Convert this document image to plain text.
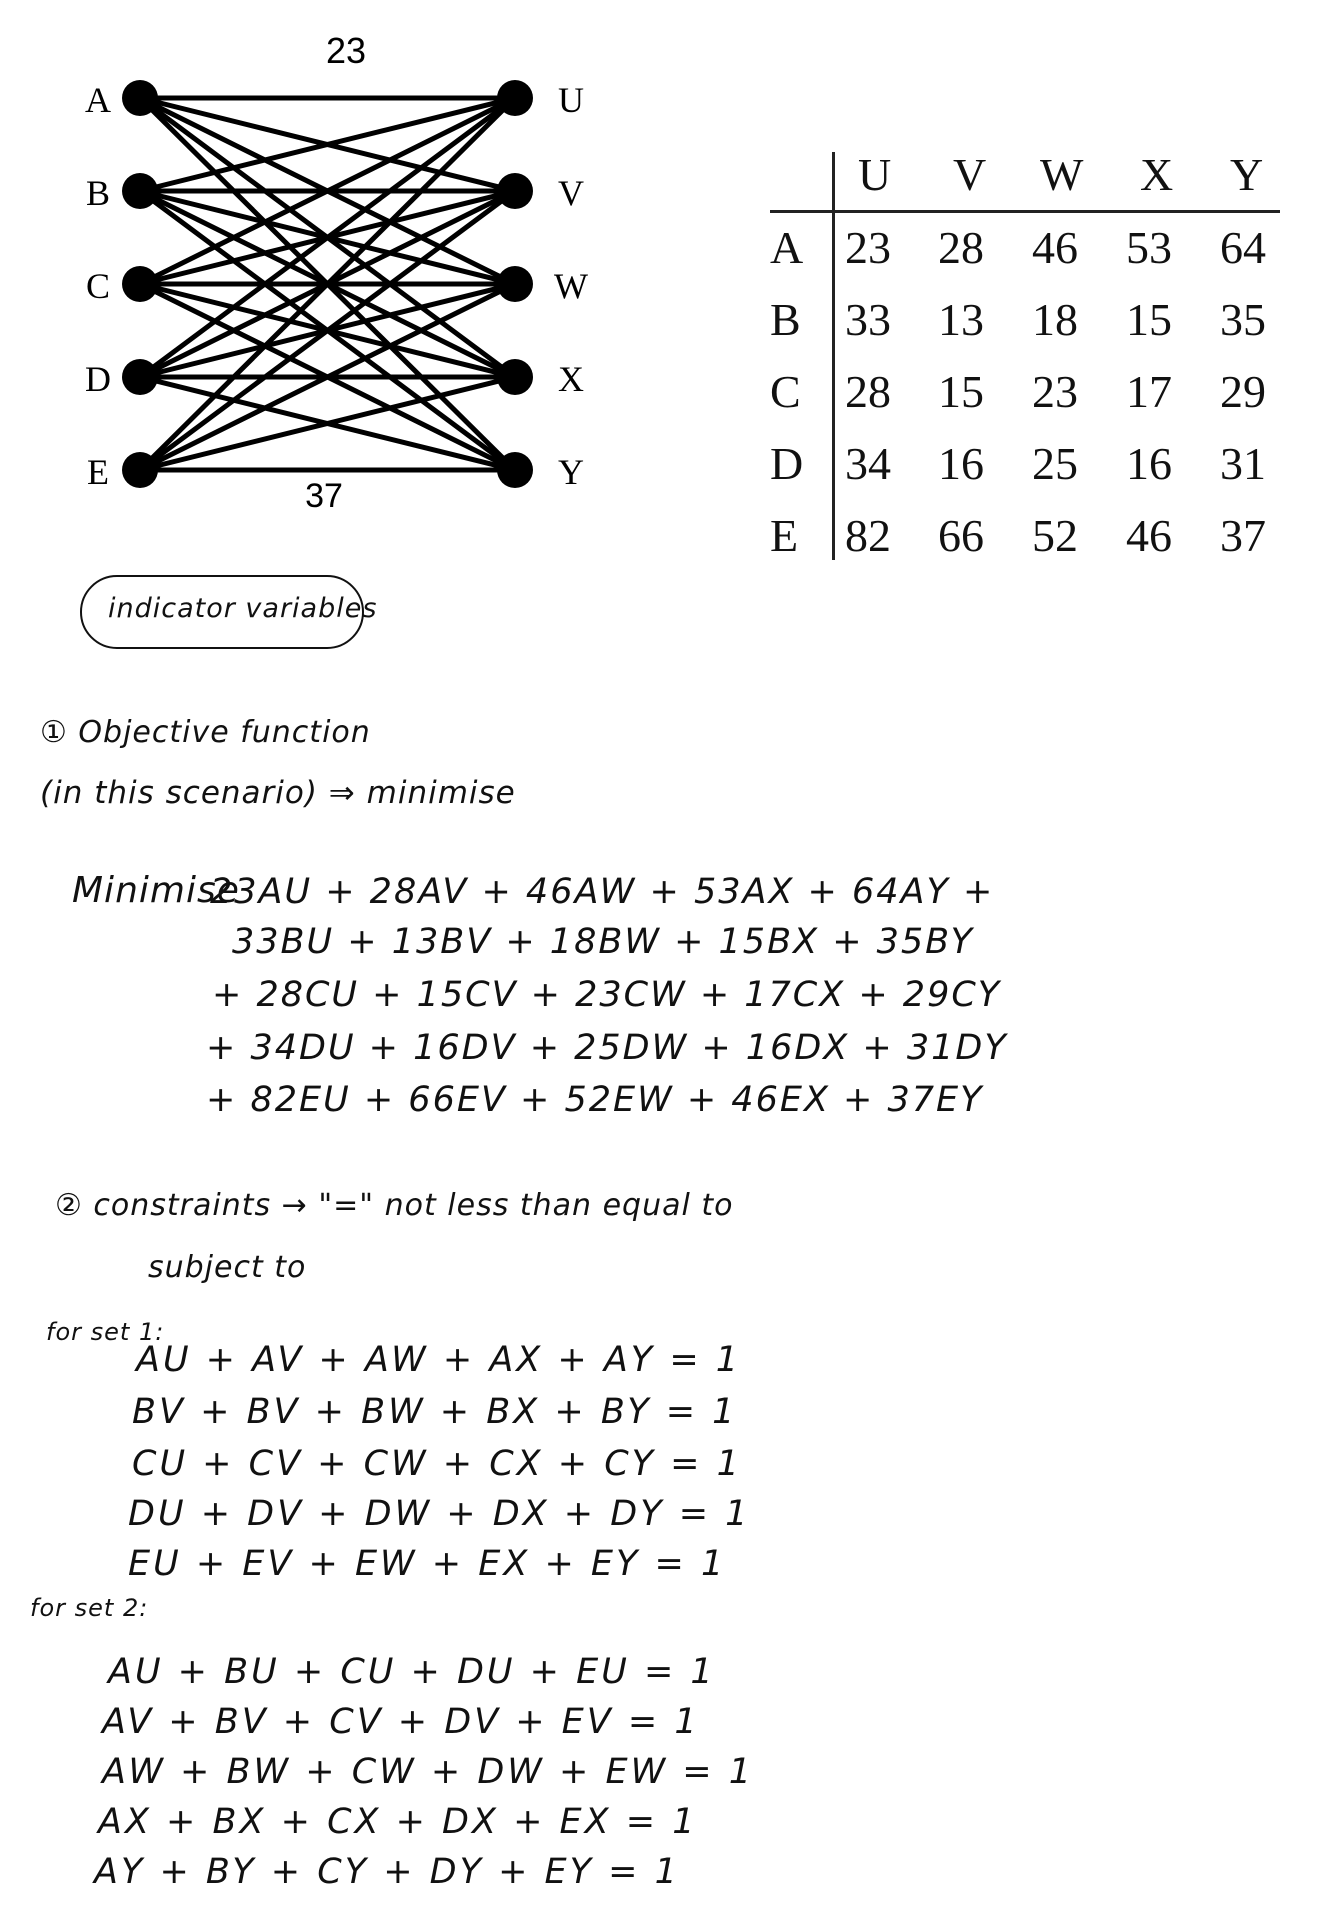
A
B
C
D
E
U
V
W
X
Y
23
37
U V W X Y
A 23 28 46 53 64
B 33 13 18 15 35
C 28 15 23 17 29
D 34 16 25 16 31
E 82 66 52 46 37
indicator variables
① Objective function
(in this scenario) ⇒ minimise
Minimise
23AU + 28AV + 46AW + 53AX + 64AY +
33BU + 13BV + 18BW + 15BX + 35BY
+ 28CU + 15CV + 23CW + 17CX + 29CY
+ 34DU + 16DV + 25DW + 16DX + 31DY
+ 82EU + 66EV + 52EW + 46EX + 37EY
② constraints → "=" not less than equal to
subject to
for set 1:
AU + AV + AW + AX + AY = 1
BV + BV + BW + BX + BY = 1
CU + CV + CW + CX + CY = 1
DU + DV + DW + DX + DY = 1
EU + EV + EW + EX + EY = 1
for set 2:
AU + BU + CU + DU + EU = 1
AV + BV + CV + DV + EV = 1
AW + BW + CW + DW + EW = 1
AX + BX + CX + DX + EX = 1
AY + BY + CY + DY + EY = 1
